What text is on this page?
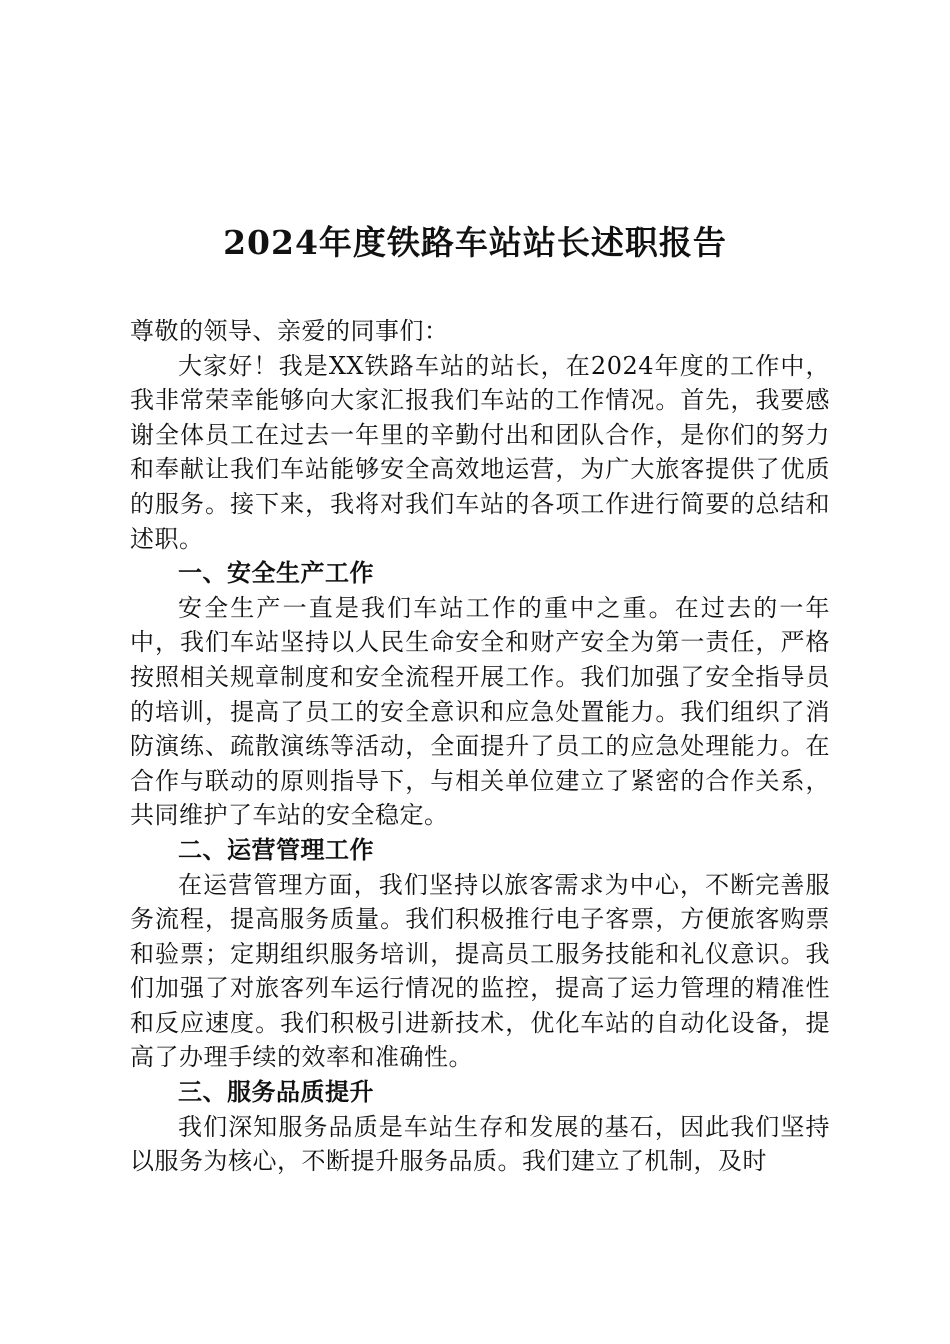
2024年度铁路车站站长述职报告

尊敬的领导、亲爱的同事们：

大家好！我是XX铁路车站的站长，在2024年度的工作中，我非常荣幸能够向大家汇报我们车站的工作情况。首先，我要感谢全体员工在过去一年里的辛勤付出和团队合作，是你们的努力和奉献让我们车站能够安全高效地运营，为广大旅客提供了优质的服务。接下来，我将对我们车站的各项工作进行简要的总结和述职。

一、安全生产工作

安全生产一直是我们车站工作的重中之重。在过去的一年中，我们车站坚持以人民生命安全和财产安全为第一责任，严格按照相关规章制度和安全流程开展工作。我们加强了安全指导员的培训，提高了员工的安全意识和应急处置能力。我们组织了消防演练、疏散演练等活动，全面提升了员工的应急处理能力。在合作与联动的原则指导下，与相关单位建立了紧密的合作关系，共同维护了车站的安全稳定。

二、运营管理工作

在运营管理方面，我们坚持以旅客需求为中心，不断完善服务流程，提高服务质量。我们积极推行电子客票，方便旅客购票和验票；定期组织服务培训，提高员工服务技能和礼仪意识。我们加强了对旅客列车运行情况的监控，提高了运力管理的精准性和反应速度。我们积极引进新技术，优化车站的自动化设备，提高了办理手续的效率和准确性。

三、服务品质提升

我们深知服务品质是车站生存和发展的基石，因此我们坚持以服务为核心，不断提升服务品质。我们建立了机制，及时
